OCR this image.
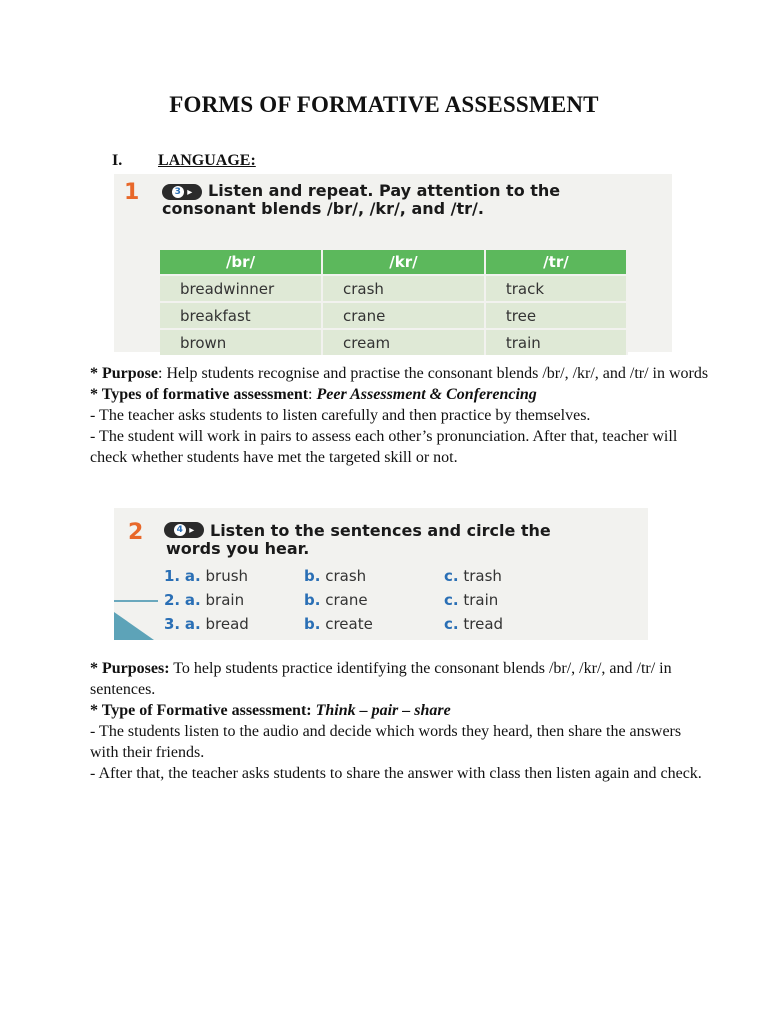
FORMS OF FORMATIVE ASSESSMENT
I. LANGUAGE:
1	3 ▸ Listen and repeat. Pay attention to the consonant blends /br/, /kr/, and /tr/.
/br/	/kr/	/tr/
breadwinner	crash	track
breakfast	crane	tree
brown	cream	train

* Purpose: Help students recognise and practise the consonant blends /br/, /kr/, and /tr/ in words

* Types of formative assessment: Peer Assessment & Conferencing

- The teacher asks students to listen carefully and then practice by themselves.

- The student will work in pairs to assess each other’s pronunciation. After that, teacher will check whether students have met the targeted skill or not.

2	4 ▸ Listen to the sentences and circle the words you hear.
1. a. brush	b. crash	c. trash
2. a. brain	b. crane	c. train
3. a. bread	b. create	c. tread

* Purposes: To help students practice identifying the consonant blends /br/, /kr/, and /tr/ in sentences.

* Type of Formative assessment: Think – pair – share

- The students listen to the audio and decide which words they heard, then share the answers with their friends.

- After that, the teacher asks students to share the answer with class then listen again and check.
